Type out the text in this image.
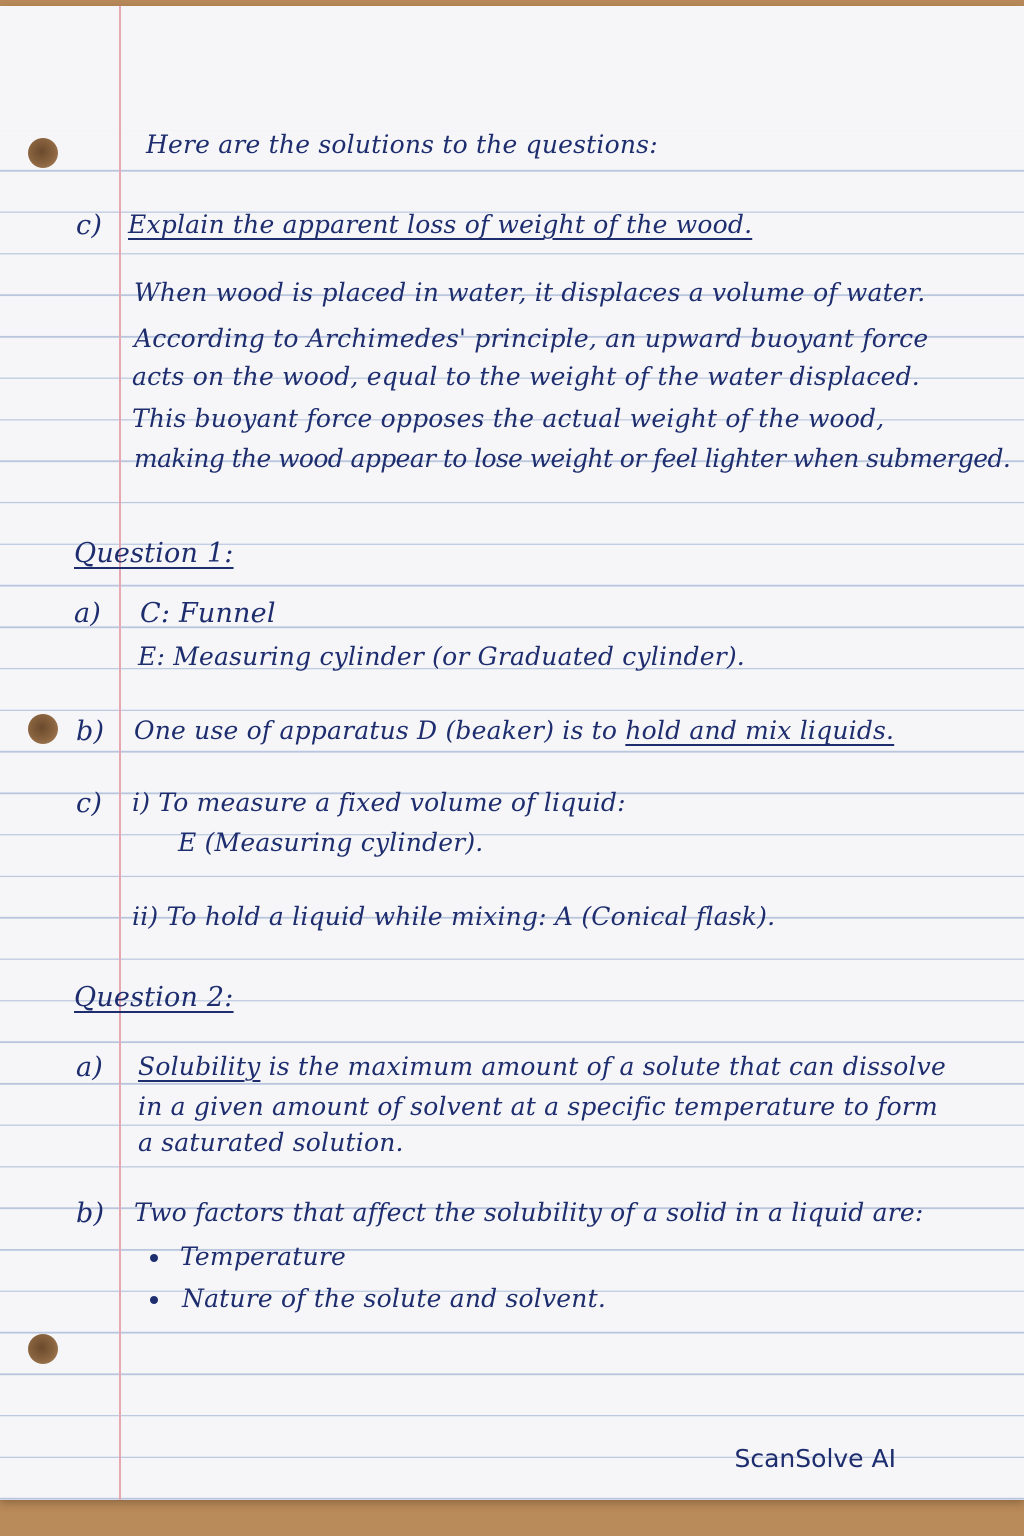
Here are the solutions to the questions:
c) Explain the apparent loss of weight of the wood.
When wood is placed in water, it displaces a volume of water.
According to Archimedes' principle, an upward buoyant force
acts on the wood, equal to the weight of the water displaced.
This buoyant force opposes the actual weight of the wood,
making the wood appear to lose weight or feel lighter when submerged.
Question 1:
a) C: Funnel
E: Measuring cylinder (or Graduated cylinder).
b) One use of apparatus D (beaker) is to hold and mix liquids.
c) i) To measure a fixed volume of liquid:
E (Measuring cylinder).
ii) To hold a liquid while mixing: A (Conical flask).
Question 2:
a) Solubility is the maximum amount of a solute that can dissolve
in a given amount of solvent at a specific temperature to form
a saturated solution.
b) Two factors that affect the solubility of a solid in a liquid are:
Temperature
Nature of the solute and solvent.
ScanSolve AI
